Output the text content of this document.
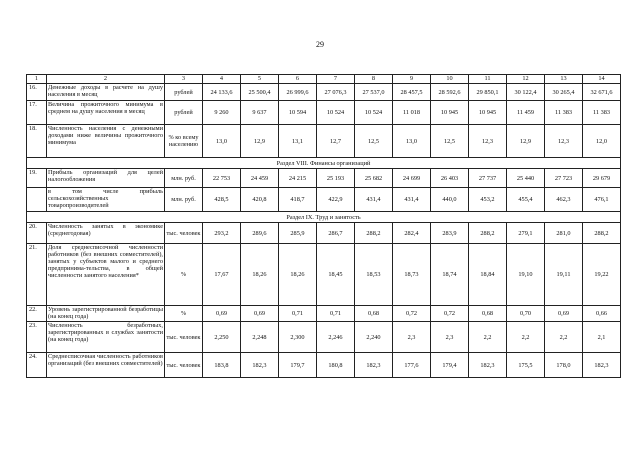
29
1	2	3	4	5	6	7	8	9	10	11	12	13	14
16.	Денежные доходы в расчете на душу населения в месяц	рублей	24 133,6	25 500,4	26 999,6	27 076,3	27 537,0	28 457,5	28 592,6	29 850,1	30 122,4	30 265,4	32 671,6
17.	Величина прожиточного минимума в среднем на душу населения в месяц	рублей	9 260	9 637	10 594	10 524	10 524	11 018	10 945	10 945	11 459	11 383	11 383
18.	Численность населения с денежными доходами ниже величины прожиточного минимума	% ко всему населению	13,0	12,9	13,1	12,7	12,5	13,0	12,5	12,3	12,9	12,3	12,0
Раздел VIII. Финансы организаций													
19.	Прибыль организаций для целей налогообложения	млн. руб.	22 753	24 459	24 215	25 193	25 682	24 699	26 403	27 737	25 440	27 723	29 679
	в том числе прибыль сельскохозяйственных товаропроизводителей	млн. руб.	428,5	420,8	418,7	422,9	431,4	431,4	440,0	453,2	455,4	462,3	476,1
Раздел IX. Труд и занятость													
20.	Численность занятых в экономике (среднегодовая)	тыс. человек	293,2	289,6	285,9	286,7	288,2	282,4	283,9	288,2	279,1	281,0	288,2
21.	Доля среднесписочной численности работников (без внешних совместителей), занятых у субъектов малого и среднего предпринима-тельства, в общей численности занятого населения*	%	17,67	18,26	18,26	18,45	18,53	18,73	18,74	18,84	19,10	19,11	19,22
22.	Уровень зарегистрированной безработицы (на конец года)	%	0,69	0,69	0,71	0,71	0,68	0,72	0,72	0,68	0,70	0,69	0,66
23.	Численность безработных, зарегистрированных в службах занятости (на конец года)	тыс. человек	2,250	2,248	2,300	2,246	2,240	2,3	2,3	2,2	2,2	2,2	2,1
24.	Среднесписочная численность работников организаций (без внешних совместителей)	тыс. человек	183,8	182,3	179,7	180,8	182,3	177,6	179,4	182,3	175,5	178,0	182,3
